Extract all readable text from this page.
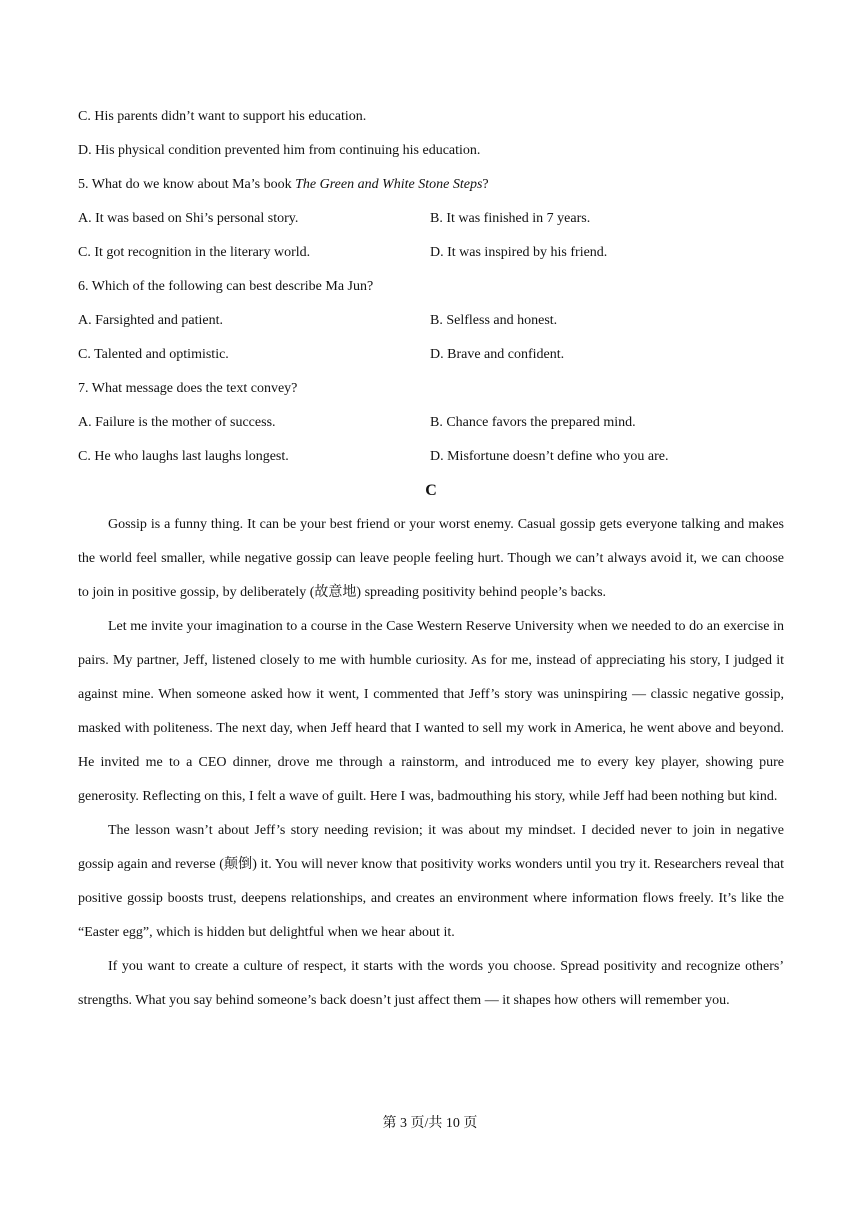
C. His parents didn’t want to support his education.
D. His physical condition prevented him from continuing his education.
5. What do we know about Ma’s book The Green and White Stone Steps?
A. It was based on Shi’s personal story.	B. It was finished in 7 years.
C. It got recognition in the literary world.	D. It was inspired by his friend.
6. Which of the following can best describe Ma Jun?
A. Farsighted and patient.	B. Selfless and honest.
C. Talented and optimistic.	D. Brave and confident.
7. What message does the text convey?
A. Failure is the mother of success.	B. Chance favors the prepared mind.
C. He who laughs last laughs longest.	D. Misfortune doesn’t define who you are.
C

Gossip is a funny thing. It can be your best friend or your worst enemy. Casual gossip gets everyone talking and makes the world feel smaller, while negative gossip can leave people feeling hurt. Though we can’t always avoid it, we can choose to join in positive gossip, by deliberately (故意地) spreading positivity behind people’s backs.

Let me invite your imagination to a course in the Case Western Reserve University when we needed to do an exercise in pairs. My partner, Jeff, listened closely to me with humble curiosity. As for me, instead of appreciating his story, I judged it against mine. When someone asked how it went, I commented that Jeff’s story was uninspiring — classic negative gossip, masked with politeness. The next day, when Jeff heard that I wanted to sell my work in America, he went above and beyond. He invited me to a CEO dinner, drove me through a rainstorm, and introduced me to every key player, showing pure generosity. Reflecting on this, I felt a wave of guilt. Here I was, badmouthing his story, while Jeff had been nothing but kind.

The lesson wasn’t about Jeff’s story needing revision; it was about my mindset. I decided never to join in negative gossip again and reverse (颠倒) it. You will never know that positivity works wonders until you try it. Researchers reveal that positive gossip boosts trust, deepens relationships, and creates an environment where information flows freely. It’s like the “Easter egg”, which is hidden but delightful when we hear about it.

If you want to create a culture of respect, it starts with the words you choose. Spread positivity and recognize others’ strengths. What you say behind someone’s back doesn’t just affect them — it shapes how others will remember you.

第 3 页/共 10 页
